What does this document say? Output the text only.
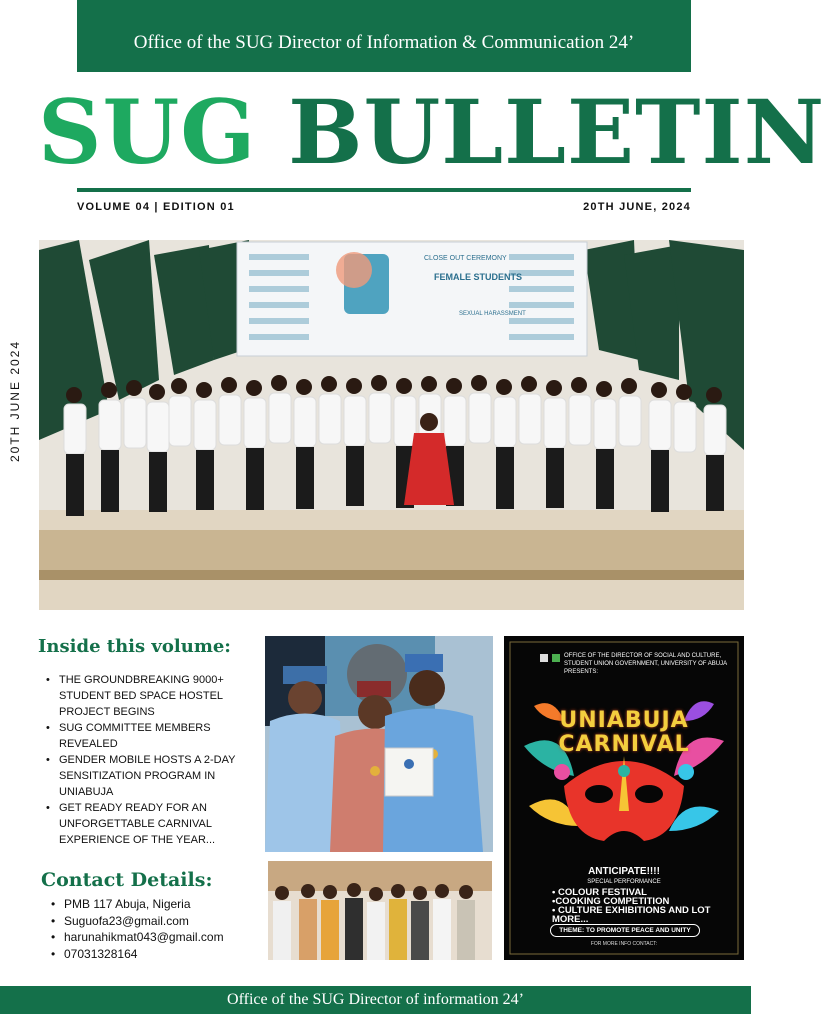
Office of the SUG Director of Information & Communication 24’
SUG BULLETIN
VOLUME 04 | EDITION 01	20TH JUNE, 2024
20TH JUNE 2024
CLOSE OUT CEREMONY
FEMALE STUDENTS
SEXUAL HARASSMENT
Inside this volume:
• THE GROUNDBREAKING 9000+ STUDENT BED SPACE HOSTEL PROJECT BEGINS
• SUG COMMITTEE MEMBERS REVEALED
• GENDER MOBILE HOSTS A 2-DAY SENSITIZATION PROGRAM IN UNIABUJA
• GET READY READY FOR AN UNFORGETTABLE CARNIVAL EXPERIENCE OF THE YEAR...
Contact Details:
• PMB 117 Abuja, Nigeria
• Suguofa23@gmail.com
• harunahikmat043@gmail.com
• 07031328164
OFFICE OF THE DIRECTOR OF SOCIAL AND CULTURE, STUDENT UNION GOVERNMENT, UNIVERSITY OF ABUJA PRESENTS:
UNIABUJA
CARNIVAL
ANTICIPATE!!!!
SPECIAL PERFORMANCE
• COLOUR FESTIVAL
•COOKING COMPETITION
• CULTURE EXHIBITIONS AND LOT MORE...
THEME: TO PROMOTE PEACE AND UNITY
FOR MORE INFO CONTACT:
Office of the SUG Director of information 24’
